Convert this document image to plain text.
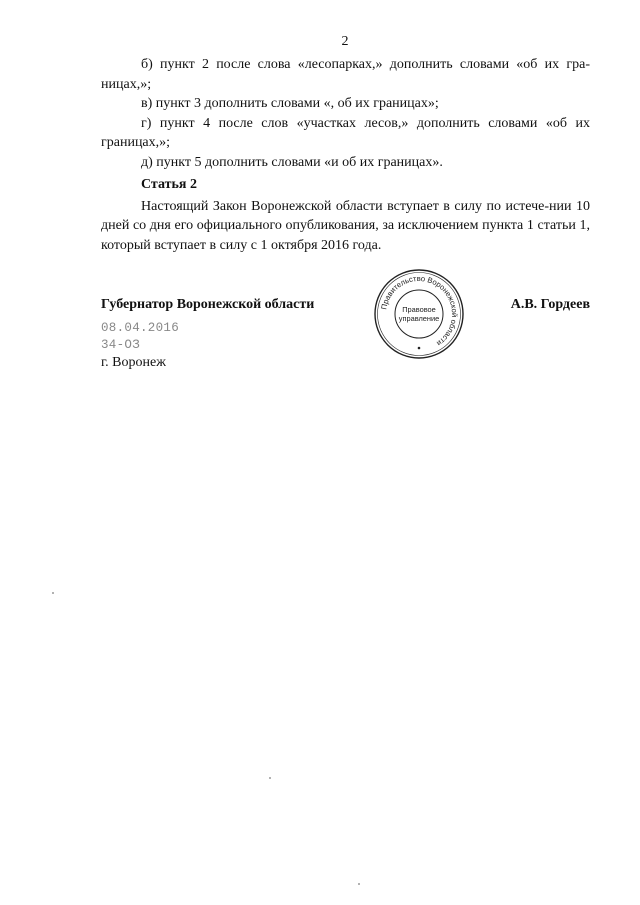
2

б) пункт 2 после слова «лесопарках,» дополнить словами «об их гра-ницах,»;

в) пункт 3 дополнить словами «, об их границах»;

г) пункт 4 после слов «участках лесов,» дополнить словами «об их границах,»;

д) пункт 5 дополнить словами «и об их границах».

Статья 2

Настоящий Закон Воронежской области вступает в силу по истече-нии 10 дней со дня его официального опубликования, за исключением пункта 1 статьи 1, который вступает в силу с 1 октября 2016 года.

Губернатор Воронежской области	А.В. Гордеев
Правительство Воронежской области
Правовое
управление
08.04.2016
34-ОЗ
г. Воронеж
